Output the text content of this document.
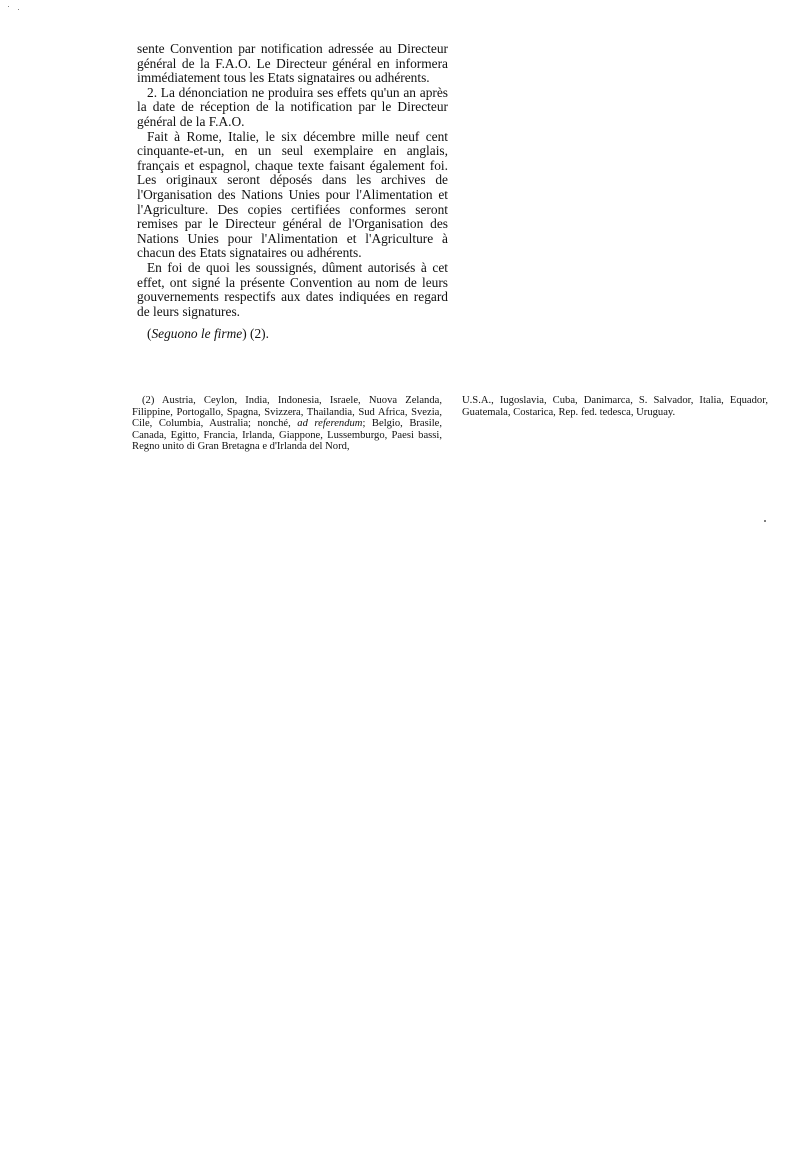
sente Convention par notification adressée au Directeur général de la F.A.O. Le Directeur général en informera immédiatement tous les Etats signataires ou adhérents.

2. La dénonciation ne produira ses effets qu'un an après la date de réception de la notification par le Directeur général de la F.A.O.

Fait à Rome, Italie, le six décembre mille neuf cent cinquante-et-un, en un seul exemplaire en anglais, français et espagnol, chaque texte faisant également foi. Les originaux seront déposés dans les archives de l'Organisation des Nations Unies pour l'Alimentation et l'Agriculture. Des copies certifiées conformes seront remises par le Directeur général de l'Organisation des Nations Unies pour l'Alimentation et l'Agriculture à chacun des Etats signataires ou adhérents.

En foi de quoi les soussignés, dûment autorisés à cet effet, ont signé la présente Convention au nom de leurs gouvernements respectifs aux dates indiquées en regard de leurs signatures.

(Seguono le firme) (2).

(2) Austria, Ceylon, India, Indonesia, Israele, Nuova Zelanda, Filippine, Portogallo, Spagna, Svizzera, Thailandia, Sud Africa, Svezia, Cile, Columbia, Australia; nonché, ad referendum; Belgio, Brasile, Canada, Egitto, Francia, Irlanda, Giappone, Lussemburgo, Paesi bassi, Regno unito di Gran Bretagna e d'Irlanda del Nord,

U.S.A., Iugoslavia, Cuba, Danimarca, S. Salvador, Italia, Equador, Guatemala, Costarica, Rep. fed. tedesca, Uruguay.
